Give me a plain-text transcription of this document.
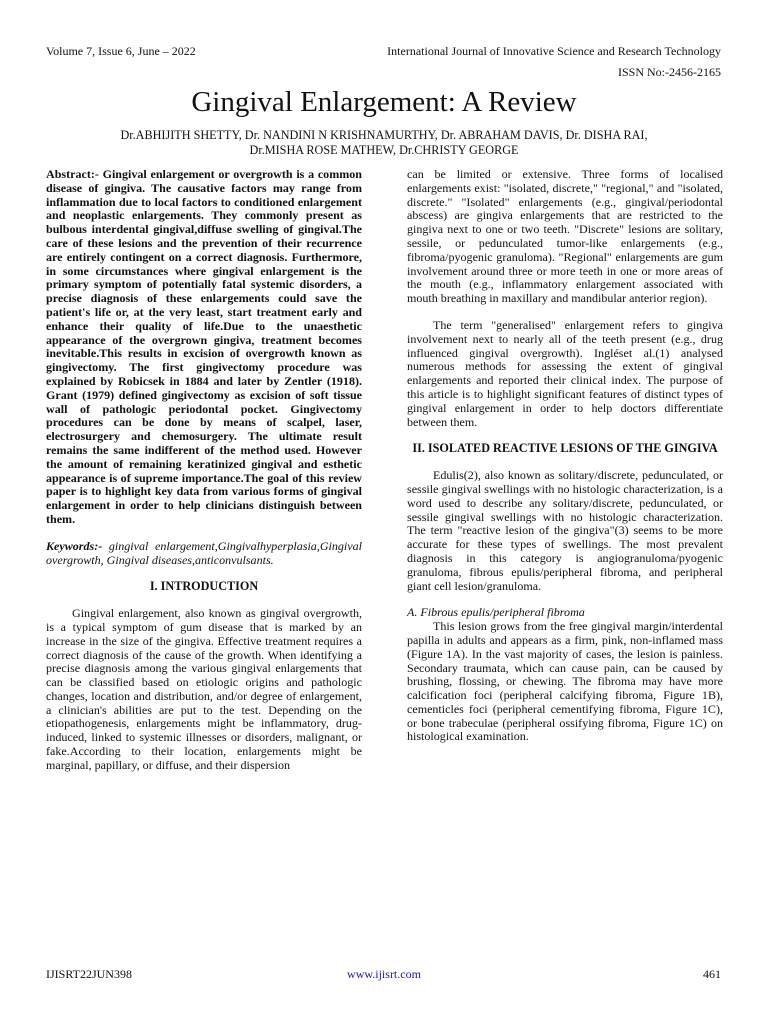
Volume 7, Issue 6, June – 2022	International Journal of Innovative Science and Research Technology
ISSN No:-2456-2165
Gingival Enlargement: A Review
Dr.ABHIJITH SHETTY, Dr. NANDINI N KRISHNAMURTHY, Dr. ABRAHAM DAVIS, Dr. DISHA RAI,
Dr.MISHA ROSE MATHEW, Dr.CHRISTY GEORGE

Abstract:- Gingival enlargement or overgrowth is a common disease of gingiva. The causative factors may range from inflammation due to local factors to conditioned enlargement and neoplastic enlargements. They commonly present as bulbous interdental gingival,diffuse swelling of gingival.The care of these lesions and the prevention of their recurrence are entirely contingent on a correct diagnosis. Furthermore, in some circumstances where gingival enlargement is the primary symptom of potentially fatal systemic disorders, a precise diagnosis of these enlargements could save the patient's life or, at the very least, start treatment early and enhance their quality of life.Due to the unaesthetic appearance of the overgrown gingiva, treatment becomes inevitable.This results in excision of overgrowth known as gingivectomy. The first gingivectomy procedure was explained by Robicsek in 1884 and later by Zentler (1918). Grant (1979) defined gingivectomy as excision of soft tissue wall of pathologic periodontal pocket. Gingivectomy procedures can be done by means of scalpel, laser, electrosurgery and chemosurgery. The ultimate result remains the same indifferent of the method used. However the amount of remaining keratinized gingival and esthetic appearance is of supreme importance.The goal of this review paper is to highlight key data from various forms of gingival enlargement in order to help clinicians distinguish between them.

Keywords:- gingival enlargement,Gingivalhyperplasia,Gingival overgrowth, Gingival diseases,anticonvulsants.

I. INTRODUCTION

Gingival enlargement, also known as gingival overgrowth, is a typical symptom of gum disease that is marked by an increase in the size of the gingiva. Effective treatment requires a correct diagnosis of the cause of the growth. When identifying a precise diagnosis among the various gingival enlargements that can be classified based on etiologic origins and pathologic changes, location and distribution, and/or degree of enlargement, a clinician's abilities are put to the test. Depending on the etiopathogenesis, enlargements might be inflammatory, drug-induced, linked to systemic illnesses or disorders, malignant, or fake.According to their location, enlargements might be marginal, papillary, or diffuse, and their dispersion

can be limited or extensive. Three forms of localised enlargements exist: "isolated, discrete," "regional," and "isolated, discrete." "Isolated" enlargements (e.g., gingival/periodontal abscess) are gingiva enlargements that are restricted to the gingiva next to one or two teeth. "Discrete" lesions are solitary, sessile, or pedunculated tumor-like enlargements (e.g., fibroma/pyogenic granuloma). "Regional" enlargements are gum involvement around three or more teeth in one or more areas of the mouth (e.g., inflammatory enlargement associated with mouth breathing in maxillary and mandibular anterior region).

The term "generalised" enlargement refers to gingiva involvement next to nearly all of the teeth present (e.g., drug influenced gingival overgrowth). Ingléset al.(1) analysed numerous methods for assessing the extent of gingival enlargements and reported their clinical index. The purpose of this article is to highlight significant features of distinct types of gingival enlargement in order to help doctors differentiate between them.

II. ISOLATED REACTIVE LESIONS OF THE GINGIVA

Edulis(2), also known as solitary/discrete, pedunculated, or sessile gingival swellings with no histologic characterization, is a word used to describe any solitary/discrete, pedunculated, or sessile gingival swellings with no histologic characterization. The term "reactive lesion of the gingiva"(3) seems to be more accurate for these types of swellings. The most prevalent diagnosis in this category is angiogranuloma/pyogenic granuloma, fibrous epulis/peripheral fibroma, and peripheral giant cell lesion/granuloma.

A. Fibrous epulis/peripheral fibroma

This lesion grows from the free gingival margin/interdental papilla in adults and appears as a firm, pink, non-inflamed mass (Figure 1A). In the vast majority of cases, the lesion is painless. Secondary traumata, which can cause pain, can be caused by brushing, flossing, or chewing. The fibroma may have more calcification foci (peripheral calcifying fibroma, Figure 1B), cementicles foci (peripheral cementifying fibroma, Figure 1C), or bone trabeculae (peripheral ossifying fibroma, Figure 1C) on histological examination.

IJISRT22JUN398	www.ijisrt.com	461
